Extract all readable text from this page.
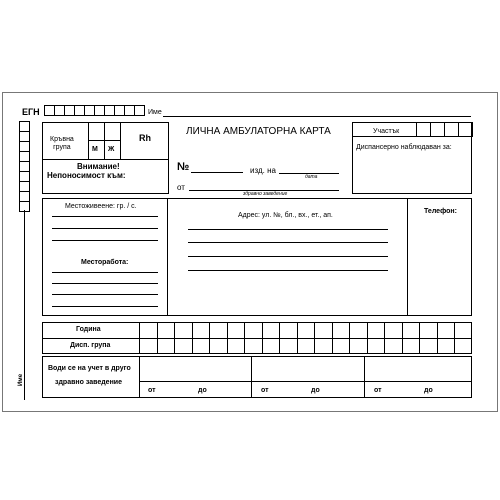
ЕГН	Име
Име
Кръвна
група	М Ж
Rh
Внимание!
Непоносимост към:
ЛИЧНА АМБУЛАТОРНА КАРТА
№	изд. на
дата
от
здравно заведение
Участък
Диспансерно наблюдаван за:
Местоживеене: гр. / с.
Месторабота:
Адрес: ул. №, бл., вх., ет., ап.
Телефон:
Година
Дисп. група
Води се на учет в друго
здравно заведение
от	до	от	до	от	до
